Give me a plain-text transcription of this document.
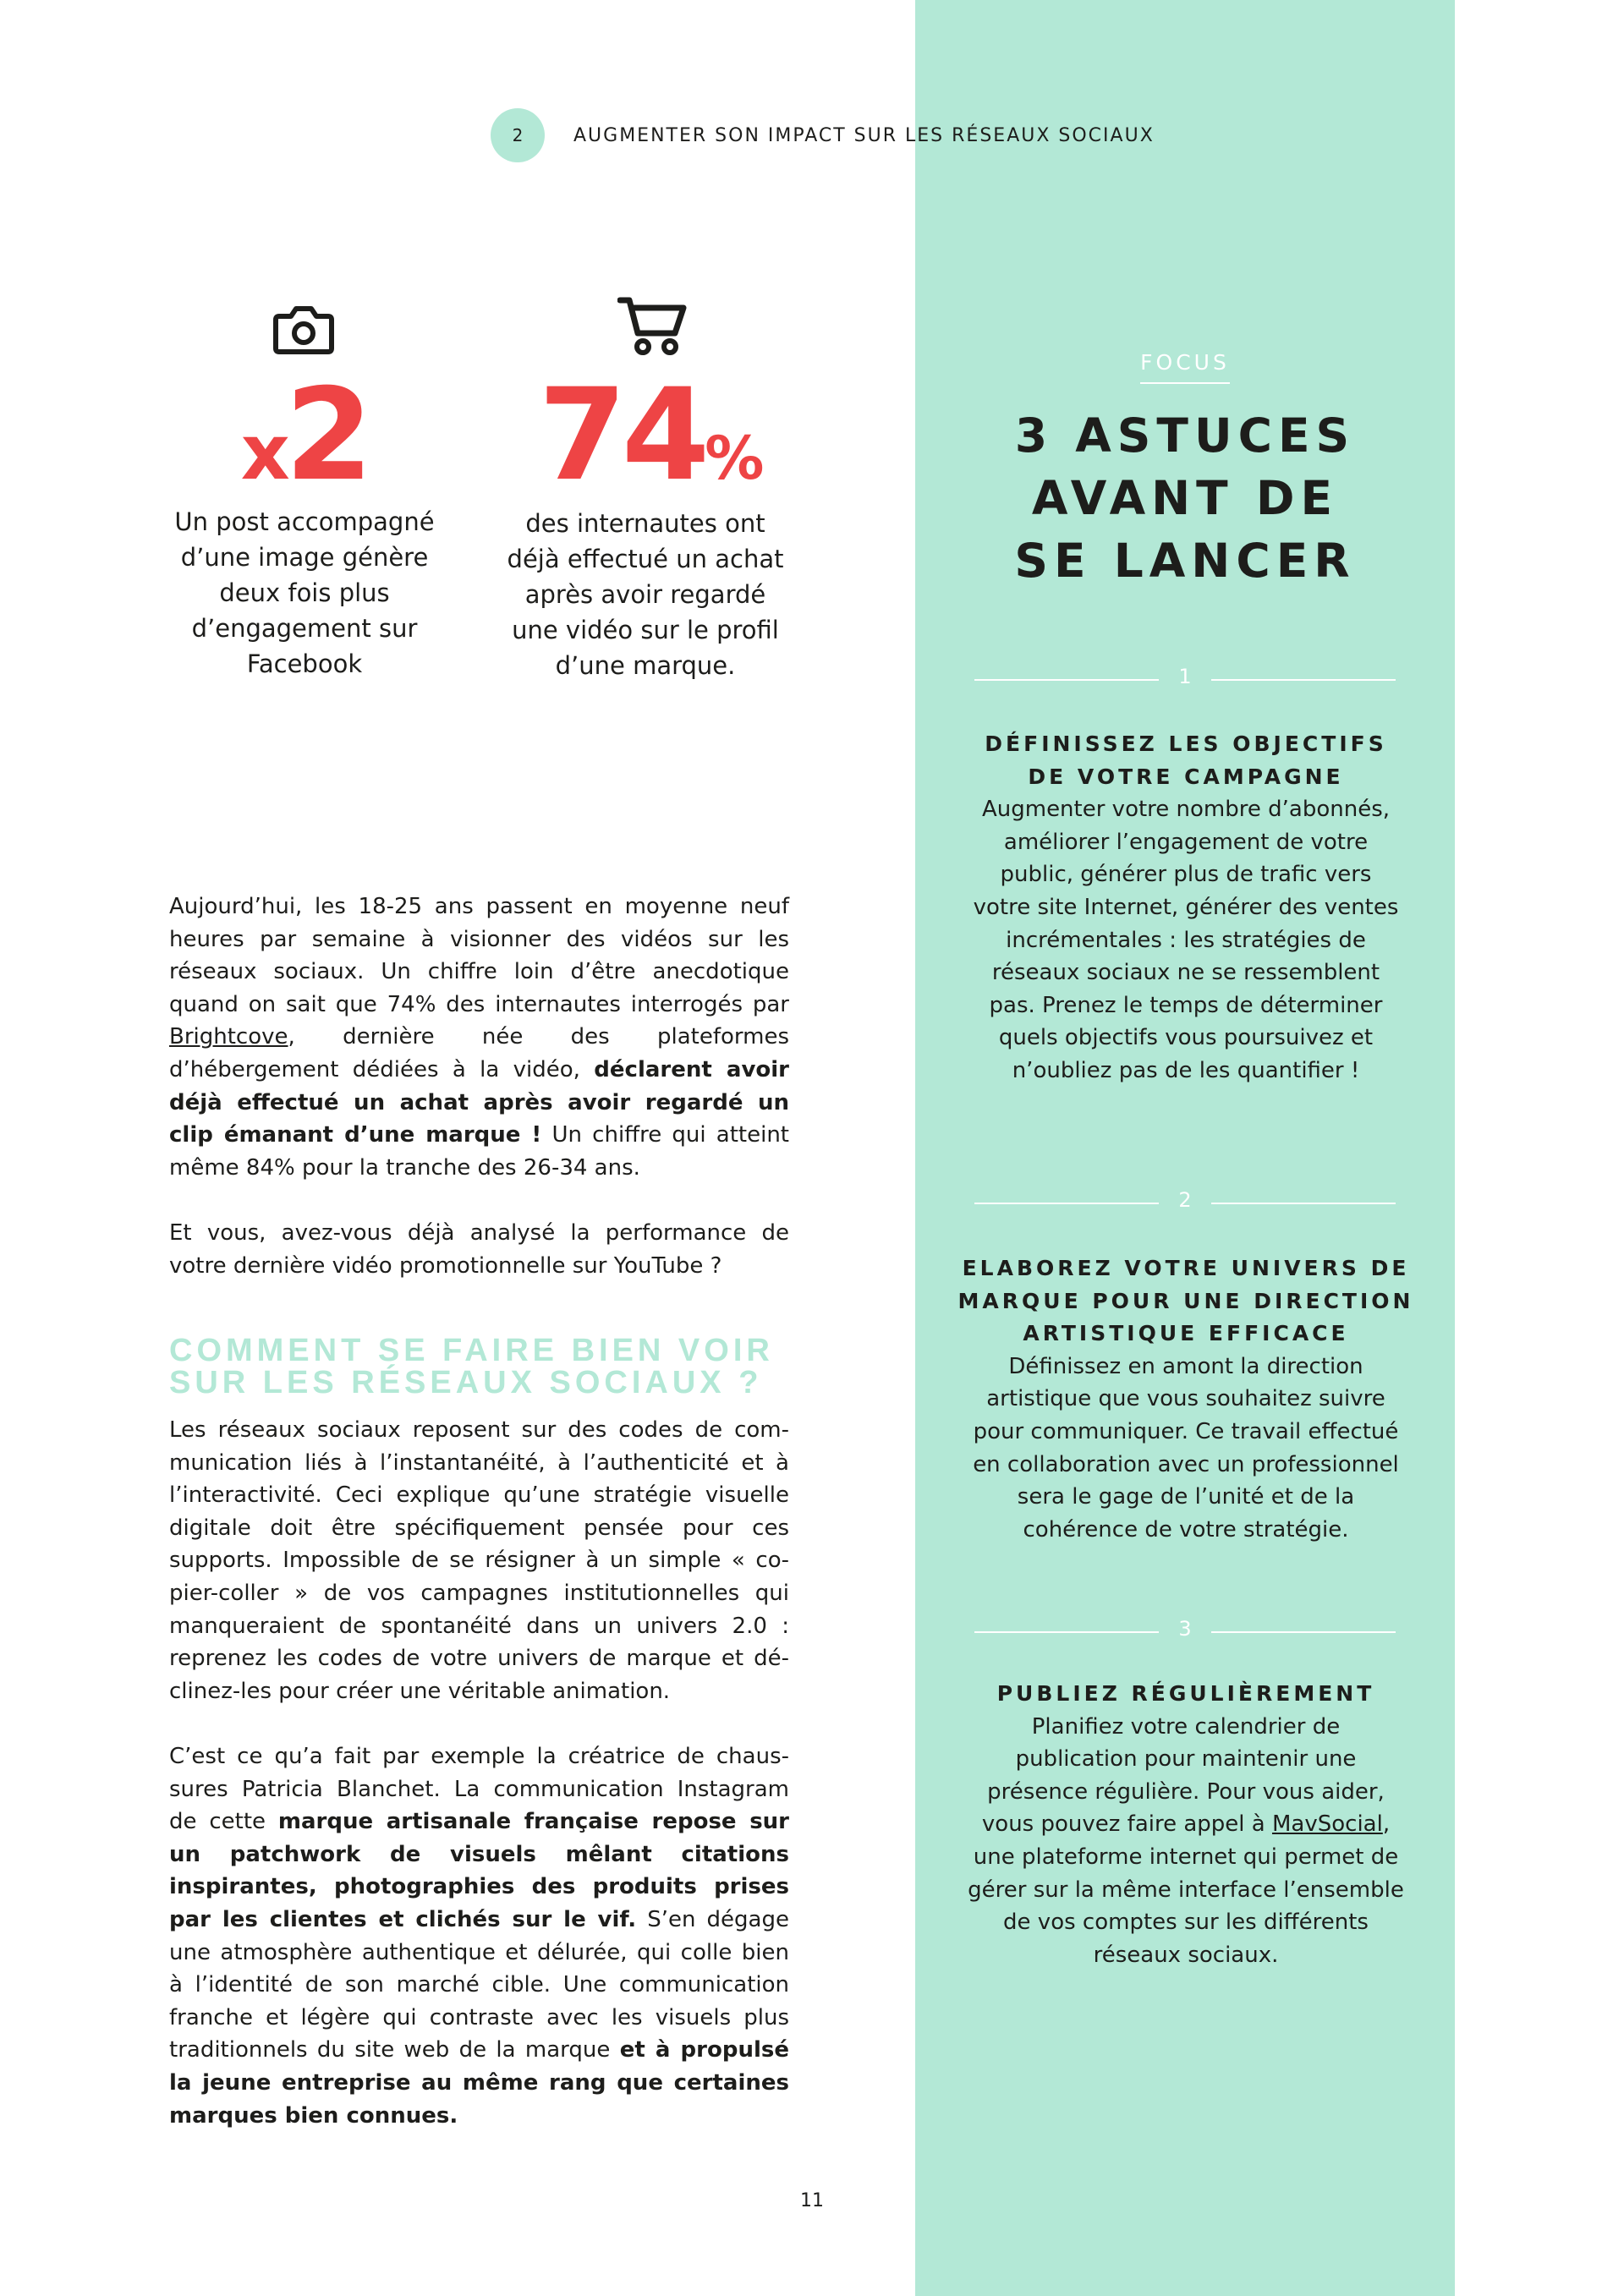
2	AUGMENTER SON IMPACT SUR LES RÉSEAUX SOCIAUX
x2
Un post accompagné
d’une image génère
deux fois plus
d’engagement sur
Facebook
74%
des internautes ont
déjà effectué un achat
après avoir regardé
une vidéo sur le profil
d’une marque.
Aujourd’hui, les 18-25 ans passent en moyenne neuf heures par semaine à visionner des vidéos sur les réseaux sociaux. Un chiffre loin d’être anecdotique quand on sait que 74% des internautes interrogés par Brightcove, dernière née des plateformes d’hébergement dédiées à la vidéo, déclarent avoir déjà effectué un achat après avoir regardé un clip émanant d’une marque ! Un chiffre qui atteint même 84% pour la tranche des 26-34 ans.
Et vous, avez-vous déjà analysé la performance de votre dernière vidéo promotionnelle sur YouTube ?
COMMENT SE FAIRE BIEN VOIR
SUR LES RÉSEAUX SOCIAUX ?
Les réseaux sociaux reposent sur des codes de communication liés à l’instantanéité, à l’authenticité et à l’interactivité. Ceci explique qu’une stratégie visuelle digitale doit être spécifiquement pensée pour ces supports. Impossible de se résigner à un simple « copier-coller » de vos campagnes institutionnelles qui manqueraient de spontanéité dans un univers 2.0 : reprenez les codes de votre univers de marque et déclinez-les pour créer une véritable animation.
C’est ce qu’a fait par exemple la créatrice de chaussures Patricia Blanchet. La communication Instagram de cette marque artisanale française repose sur un patchwork de visuels mêlant citations inspirantes, photographies des produits prises par les clientes et clichés sur le vif. S’en dégage une atmosphère authentique et délurée, qui colle bien à l’identité de son marché cible. Une communication franche et légère qui contraste avec les visuels plus traditionnels du site web de la marque et à propulsé la jeune entreprise au même rang que certaines marques bien connues.
FOCUS
3 ASTUCES
AVANT DE
SE LANCER
1
DÉFINISSEZ LES OBJECTIFS
DE VOTRE CAMPAGNE
Augmenter votre nombre d’abonnés,
améliorer l’engagement de votre
public, générer plus de trafic vers
votre site Internet, générer des ventes
incrémentales : les stratégies de
réseaux sociaux ne se ressemblent
pas. Prenez le temps de déterminer
quels objectifs vous poursuivez et
n’oubliez pas de les quantifier !
2
ELABOREZ VOTRE UNIVERS DE
MARQUE POUR UNE DIRECTION
ARTISTIQUE EFFICACE
Définissez en amont la direction
artistique que vous souhaitez suivre
pour communiquer. Ce travail effectué
en collaboration avec un professionnel
sera le gage de l’unité et de la
cohérence de votre stratégie.
3
PUBLIEZ RÉGULIÈREMENT
Planifiez votre calendrier de
publication pour maintenir une
présence régulière. Pour vous aider,
vous pouvez faire appel à MavSocial,
une plateforme internet qui permet de
gérer sur la même interface l’ensemble
de vos comptes sur les différents
réseaux sociaux.
11
